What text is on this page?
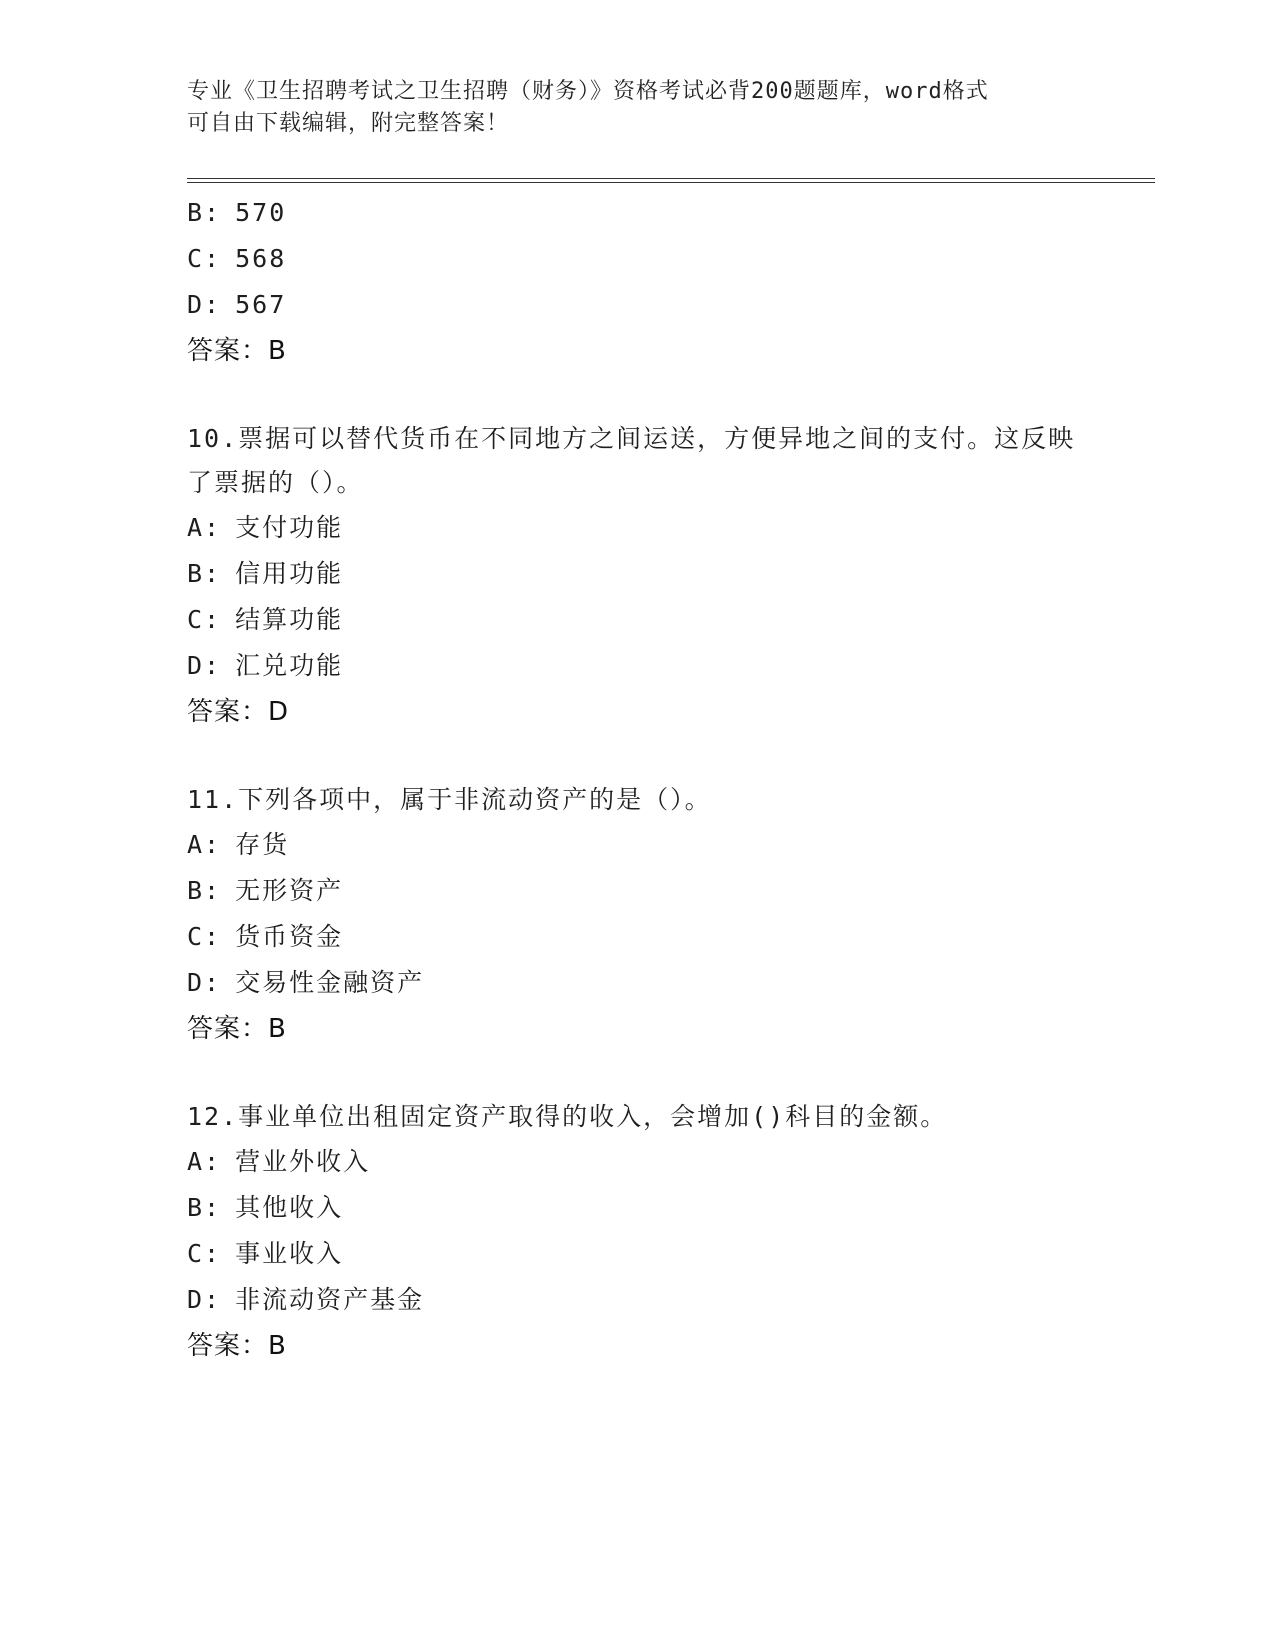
专业《卫生招聘考试之卫生招聘（财务）》资格考试必背200题题库，word格式
可自由下载编辑，附完整答案！
B: 570
C: 568
D: 567
答案：B
10.票据可以替代货币在不同地方之间运送，方便异地之间的支付。这反映了票据的（）。
A: 支付功能
B: 信用功能
C: 结算功能
D: 汇兑功能
答案：D
11.下列各项中，属于非流动资产的是（）。
A: 存货
B: 无形资产
C: 货币资金
D: 交易性金融资产
答案：B
12.事业单位出租固定资产取得的收入，会增加()科目的金额。
A: 营业外收入
B: 其他收入
C: 事业收入
D: 非流动资产基金
答案：B
